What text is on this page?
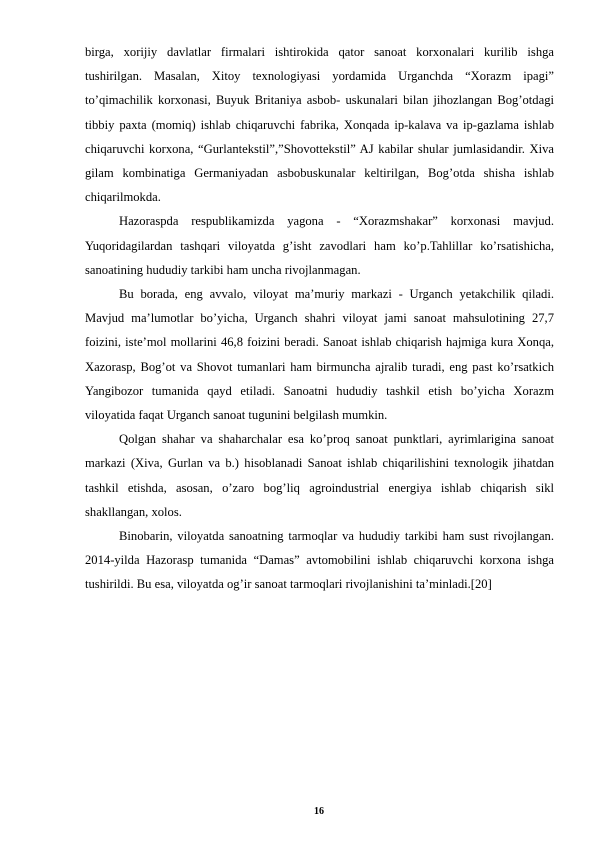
birga, xorijiy davlatlar firmalari ishtirokida qator sanoat korxonalari kurilib ishga tushirilgan. Masalan, Xitoy texnologiyasi yordamida Urganchda “Xorazm ipagi” to’qimachilik korxonasi, Buyuk Britaniya asbob- uskunalari bilan jihozlangan Bog’otdagi tibbiy paxta (momiq) ishlab chiqaruvchi fabrika, Xonqada ip-kalava va ip-gazlama ishlab chiqaruvchi korxona, “Gurlantekstil”,”Shovottekstil” AJ kabilar shular jumlasidandir. Xiva gilam kombinatiga Germaniyadan asbobuskunalar keltirilgan, Bog’otda shisha ishlab chiqarilmokda.

Hazoraspda respublikamizda yagona - “Xorazmshakar” korxonasi mavjud. Yuqoridagilardan tashqari viloyatda g’isht zavodlari ham ko’p.Tahlillar ko’rsatishicha, sanoatining hududiy tarkibi ham uncha rivojlanmagan.

Bu borada, eng avvalo, viloyat ma’muriy markazi - Urganch yetakchilik qiladi. Mavjud ma’lumotlar bo’yicha, Urganch shahri viloyat jami sanoat mahsulotining 27,7 foizini, iste’mol mollarini 46,8 foizini beradi. Sanoat ishlab chiqarish hajmiga kura Xonqa, Xazorasp, Bog’ot va Shovot tumanlari ham birmuncha ajralib turadi, eng past ko’rsatkich Yangibozor tumanida qayd etiladi. Sanoatni hududiy tashkil etish bo’yicha Xorazm viloyatida faqat Urganch sanoat tugunini belgilash mumkin.

Qolgan shahar va shaharchalar esa ko’proq sanoat punktlari, ayrimlarigina sanoat markazi (Xiva, Gurlan va b.) hisoblanadi Sanoat ishlab chiqarilishini texnologik jihatdan tashkil etishda, asosan, o’zaro bog’liq agroindustrial energiya ishlab chiqarish sikl shakllangan, xolos.

Binobarin, viloyatda sanoatning tarmoqlar va hududiy tarkibi ham sust rivojlangan. 2014-yilda Hazorasp tumanida “Damas” avtomobilini ishlab chiqaruvchi korxona ishga tushirildi. Bu esa, viloyatda og’ir sanoat tarmoqlari rivojlanishini ta’minladi.[20]

16
